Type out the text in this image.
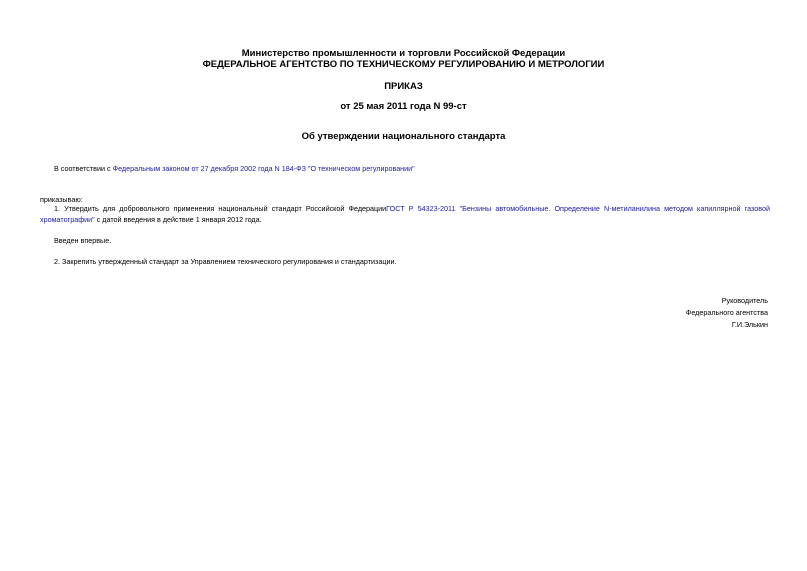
Министерство промышленности и торговли Российской Федерации
ФЕДЕРАЛЬНОЕ АГЕНТСТВО ПО ТЕХНИЧЕСКОМУ РЕГУЛИРОВАНИЮ И МЕТРОЛОГИИ
ПРИКАЗ
от 25 мая 2011 года N 99-ст
Об утверждении национального стандарта
В соответствии с Федеральным законом от 27 декабря 2002 года N 184-ФЗ "О техническом регулировании"
приказываю:
1. Утвердить для добровольного применения национальный стандарт Российской ФедерацииГОСТ Р 54323-2011 "Бензины автомобильные. Определение N-метиланилина методом капиллярной газовой хроматографии" с датой введения в действие 1 января 2012 года.
Введен впервые.
2. Закрепить утвержденный стандарт за Управлением технического регулирования и стандартизации.
Руководитель
Федерального агентства
Г.И.Элькин
